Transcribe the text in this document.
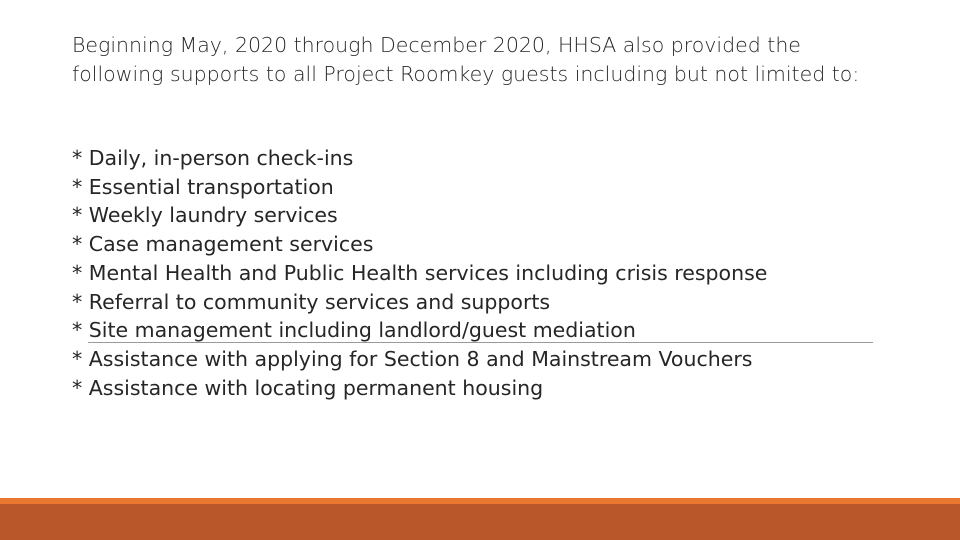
Beginning May, 2020 through December 2020, HHSA also provided the following supports to all Project Roomkey guests including but not limited to:

* Daily, in-person check-ins
* Essential transportation
* Weekly laundry services
* Case management services
* Mental Health and Public Health services including crisis response
* Referral to community services and supports
* Site management including landlord/guest mediation
* Assistance with applying for Section 8 and Mainstream Vouchers
* Assistance with locating permanent housing
